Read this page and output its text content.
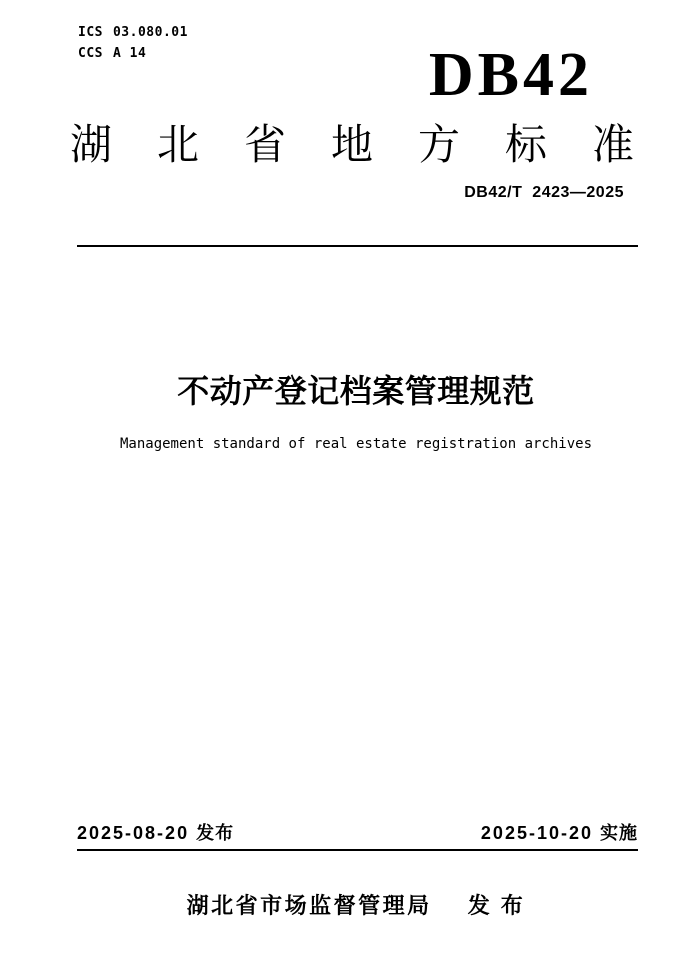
ICS 03.080.01
CCS A 14	DB42
湖北省地方标准
DB42/T 2423—2025
不动产登记档案管理规范
Management standard of real estate registration archives
2025-08-20 发布	2025-10-20 实施
湖北省市场监督管理局 发 布
